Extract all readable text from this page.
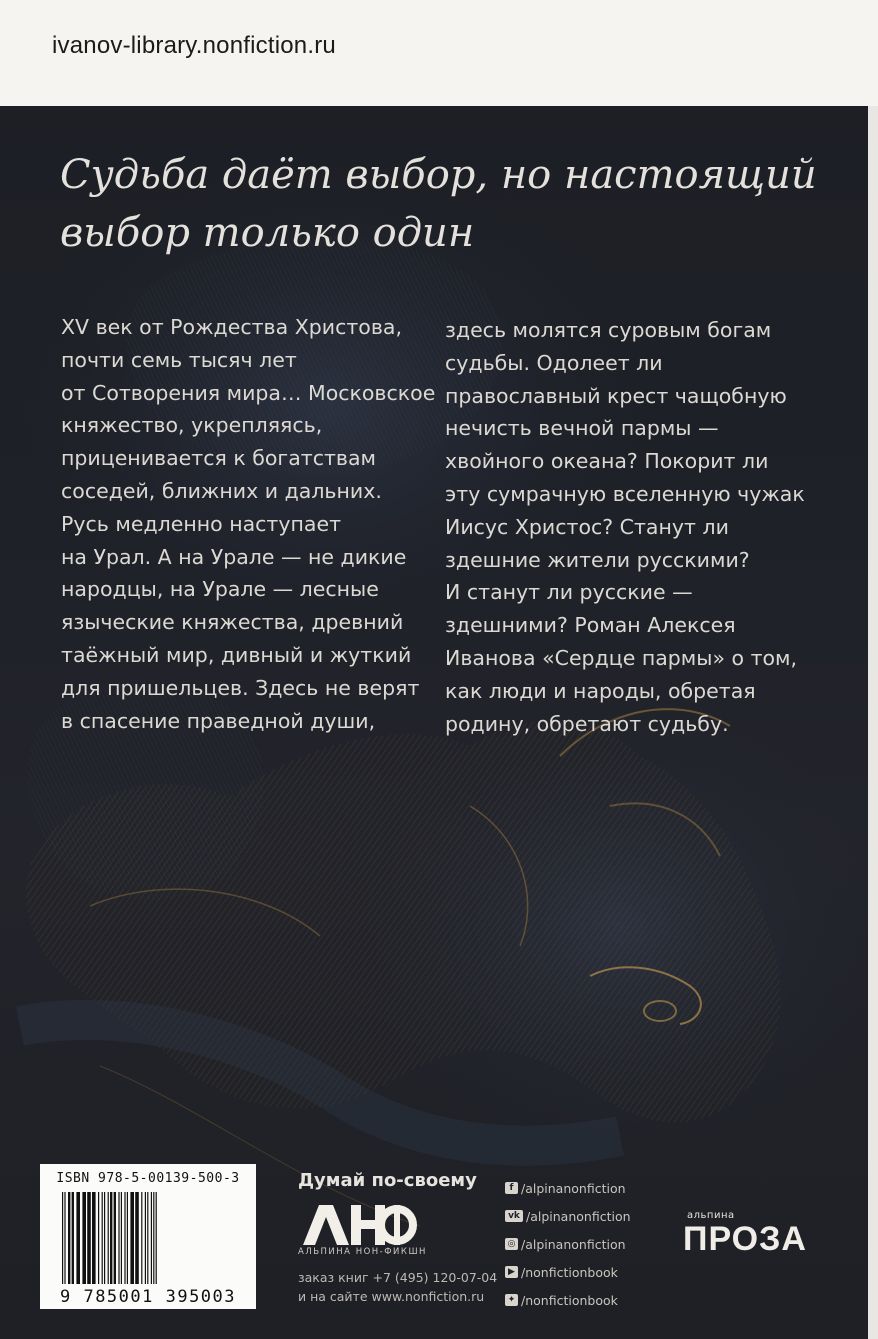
ivanov-library.nonfiction.ru
Судьба даёт выбор, но настоящий
выбор только один
XV век от Рождества Христова,
почти семь тысяч лет
от Сотворения мира… Московское
княжество, укрепляясь,
прицениваeтся к богатствам
соседей, ближних и дальних.
Русь медленно наступает
на Урал. А на Урале — не дикие
народцы, на Урале — лесные
языческие княжества, древний
таёжный мир, дивный и жуткий
для пришельцев. Здесь не верят
в спасение праведной души,
здесь молятся суровым богам
судьбы. Одолеет ли
православный крест чащобную
нечисть вечной пармы —
хвойного океана? Покорит ли
эту сумрачную вселенную чужак
Иисус Христос? Станут ли
здешние жители русскими?
И станут ли русские —
здешними? Роман Алексея
Иванова «Сердце пармы» о том,
как люди и народы, обретая
родину, обретают судьбу.
ISBN 978-5-00139-500-3
9 785001 395003
Думай по-своему
АЛЬПИНА НОН-ФИКШН
заказ книг +7 (495) 120-07-04
и на сайте www.nonfiction.ru
f /alpinanonfiction
vk /alpinanonfiction
◎ /alpinanonfiction
▶ /nonfictionbook
✦ /nonfictionbook
альпина
ПРОЗА
